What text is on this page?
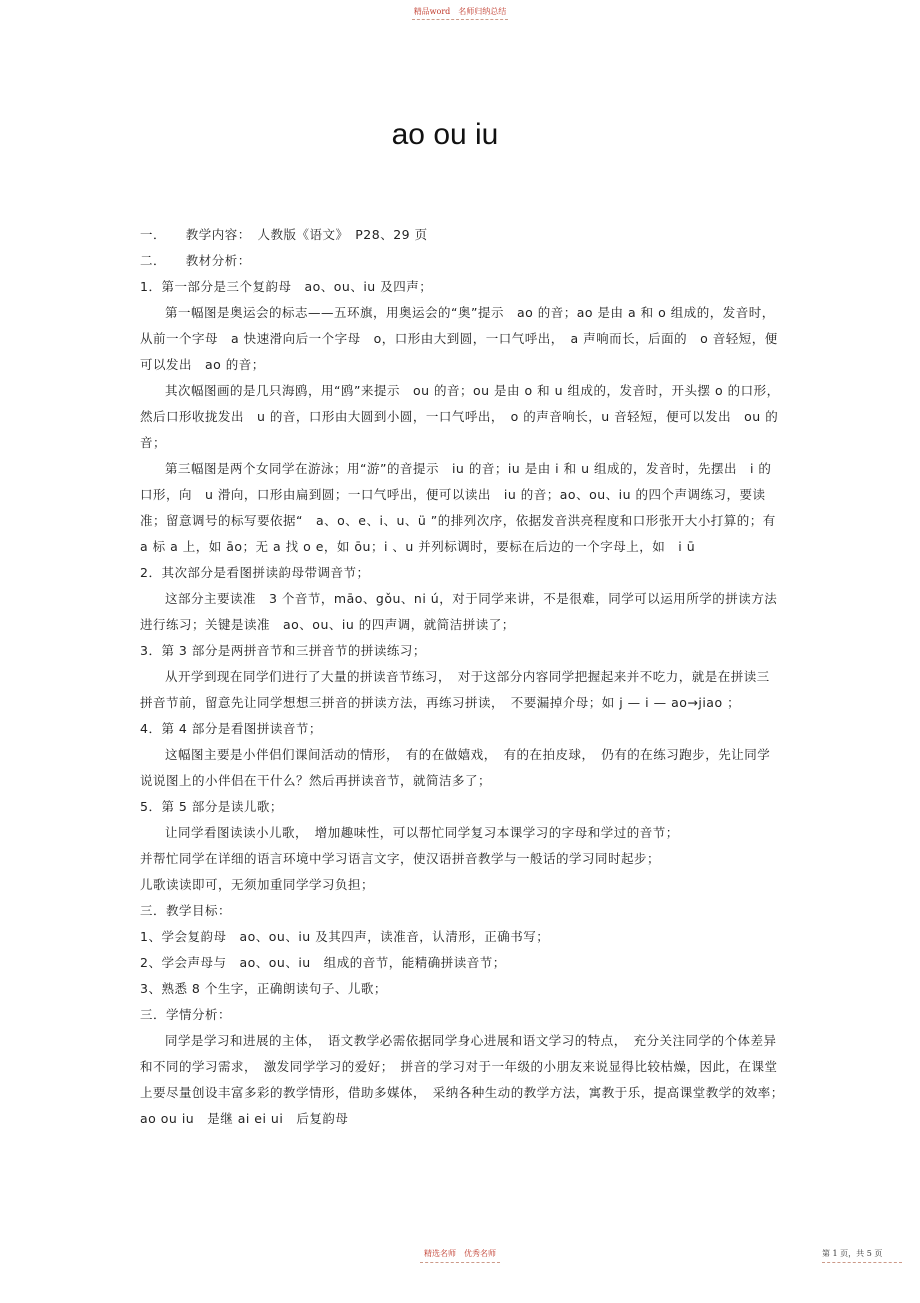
精品word　名师归纳总结
ao ou iu

一．　　教学内容：　人教版《语文》　P28、29 页

二．　　教材分析：

1．第一部分是三个复韵母　ao、ou、iu 及四声；

第一幅图是奥运会的标志——五环旗，用奥运会的“奥”提示　ao 的音；ao 是由 a 和 o 组成的，发音时，从前一个字母　a 快速滑向后一个字母　o，口形由大到圆，一口气呼出，　a 声响而长，后面的　o 音轻短，便可以发出　ao 的音；

其次幅图画的是几只海鸥，用“鸥”来提示　ou 的音；ou 是由 o 和 u 组成的，发音时，开头摆 o 的口形，然后口形收拢发出　u 的音，口形由大圆到小圆，一口气呼出，　o 的声音响长，u 音轻短，便可以发出　ou 的音；

第三幅图是两个女同学在游泳；用“游”的音提示　iu 的音；iu 是由 i 和 u 组成的，发音时，先摆出　i 的口形，向　u 滑向，口形由扁到圆；一口气呼出，便可以读出　iu 的音；ao、ou、iu 的四个声调练习，要读准；留意调号的标写要依据“　a、o、e、i、u、ü ”的排列次序，依据发音洪亮程度和口形张开大小打算的；有　a 标 a 上，如 āo；无 a 找 o e，如 ōu；i 、u 并列标调时，要标在后边的一个字母上，如　i ū

2．其次部分是看图拼读韵母带调音节；

这部分主要读准　3 个音节，māo、gǒu、ni ú，对于同学来讲，不是很难，同学可以运用所学的拼读方法进行练习；关键是读准　ao、ou、iu 的四声调，就简洁拼读了；

3．第 3 部分是两拼音节和三拼音节的拼读练习；

从开学到现在同学们进行了大量的拼读音节练习，　对于这部分内容同学把握起来并不吃力，就是在拼读三拼音节前，留意先让同学想想三拼音的拼读方法，再练习拼读，　不要漏掉介母；如 j — i — ao→jiao ；

4．第 4 部分是看图拼读音节；

这幅图主要是小伴侣们课间活动的情形，　有的在做嬉戏，　有的在拍皮球，　仍有的在练习跑步，先让同学说说图上的小伴侣在干什么？然后再拼读音节，就简洁多了；

5．第 5 部分是读儿歌；

让同学看图读读小儿歌，　增加趣味性，可以帮忙同学复习本课学习的字母和学过的音节；

并帮忙同学在详细的语言环境中学习语言文字，使汉语拼音教学与一般话的学习同时起步；

儿歌读读即可，无须加重同学学习负担；

三．教学目标：

1、学会复韵母　ao、ou、iu 及其四声，读准音，认清形，正确书写；

2、学会声母与　ao、ou、iu　组成的音节，能精确拼读音节；

3、熟悉 8 个生字，正确朗读句子、儿歌；

三．学情分析：

同学是学习和进展的主体，　语文教学必需依据同学身心进展和语文学习的特点，　充分关注同学的个体差异和不同的学习需求，　激发同学学习的爱好；　拼音的学习对于一年级的小朋友来说显得比较枯燥，因此，在课堂上要尽量创设丰富多彩的教学情形，借助多媒体，　采纳各种生动的教学方法，寓教于乐，提高课堂教学的效率；　ao ou iu　是继 ai ei ui　后复韵母

精选名师　优秀名师	第 1 页，共 5 页
